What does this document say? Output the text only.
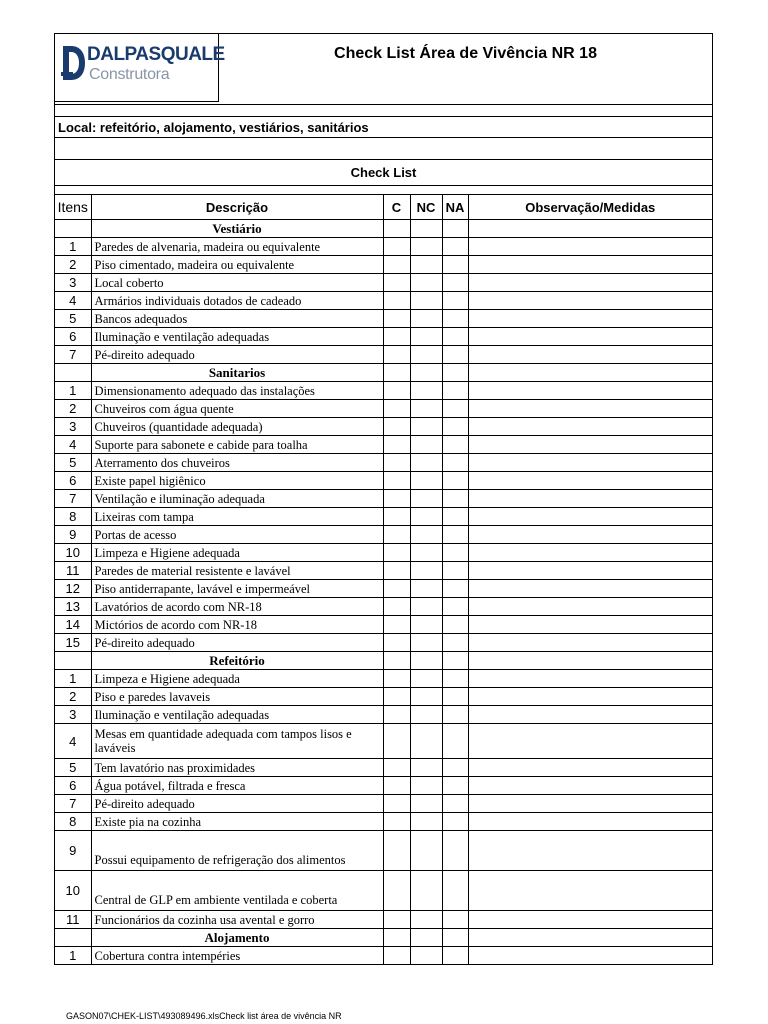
DALPASQUALE
Construtora
Check List Área de Vivência NR 18
Local: refeitório, alojamento, vestiários, sanitários
Check List
Itens	Descrição	C	NC	NA	Observação/Medidas
	Vestiário				
1	Paredes de alvenaria, madeira ou equivalente				
2	Piso cimentado, madeira ou equivalente				
3	Local coberto				
4	Armários individuais dotados de cadeado				
5	Bancos adequados				
6	Iluminação e ventilação adequadas				
7	Pé-direito adequado				
	Sanitarios				
1	Dimensionamento adequado das instalações				
2	Chuveiros com água quente				
3	Chuveiros (quantidade adequada)				
4	Suporte para sabonete e cabide para toalha				
5	Aterramento dos chuveiros				
6	Existe papel higiênico				
7	Ventilação e iluminação adequada				
8	Lixeiras com tampa				
9	Portas de acesso				
10	Limpeza e Higiene adequada				
11	Paredes de material resistente e lavável				
12	Piso antiderrapante, lavável e impermeável				
13	Lavatórios de acordo com NR-18				
14	Mictórios de acordo com NR-18				
15	Pé-direito adequado				
	Refeitório				
1	Limpeza e Higiene adequada				
2	Piso e paredes lavaveis				
3	Iluminação e ventilação adequadas				
4	Mesas em quantidade adequada com tampos lisos e laváveis				
5	Tem lavatório nas proximidades				
6	Água potável, filtrada e fresca				
7	Pé-direito adequado				
8	Existe pia na cozinha				
9	Possui equipamento de refrigeração dos alimentos				
10	Central de GLP em ambiente ventilada e coberta				
11	Funcionários da cozinha usa avental e gorro				
	Alojamento				
1	Cobertura contra intempéries				
GASON07\CHEK-LIST\493089496.xlsCheck list área de vivência NR
